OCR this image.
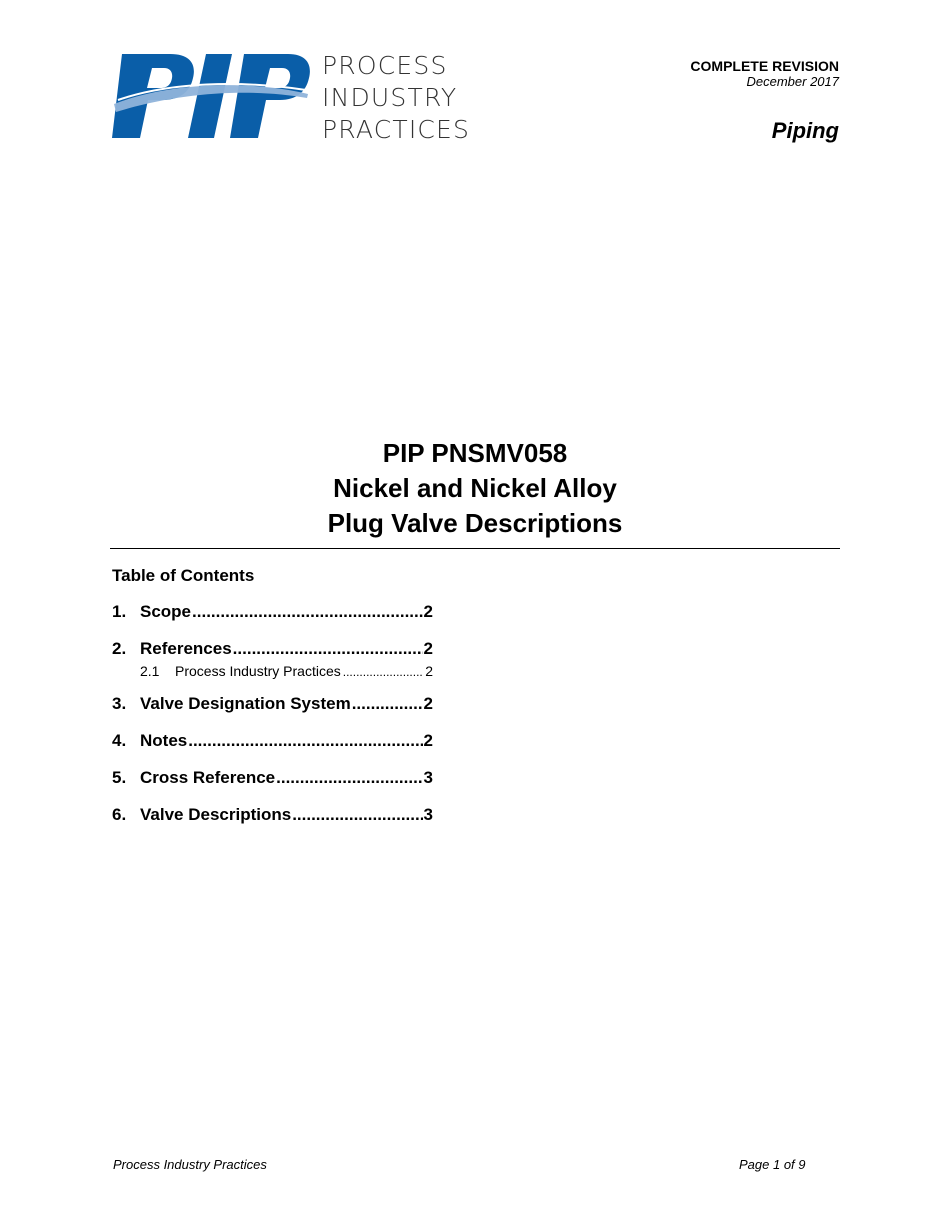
PROCESS
INDUSTRY
PRACTICES
COMPLETE REVISION
December 2017
Piping
PIP PNSMV058
Nickel and Nickel Alloy
Plug Valve Descriptions
Table of Contents
1. Scope .....	2
2. References .....	2
2.1	Process Industry Practices .....	2
3. Valve Designation System .....	2
4. Notes .....	2
5. Cross Reference .....	3
6. Valve Descriptions .....	3
Process Industry Practices	Page 1 of 9
